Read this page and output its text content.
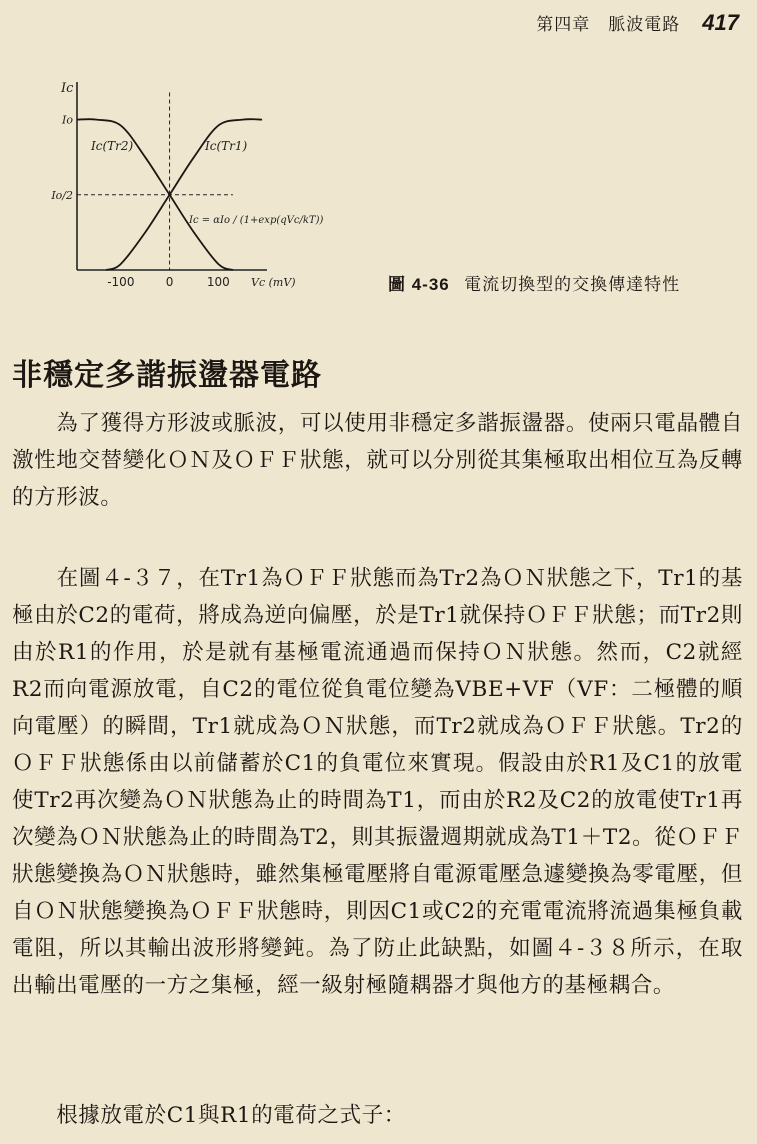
第四章　脈波電路 417
-100	0	100
Io
Io/2
Ic
Ic(Tr2)	Ic(Tr1)
Ic = αIo / (1+exp(qVc/kT))
Vc (mV)	圖 4-36 電流切換型的交換傳達特性
非穩定多諧振盪器電路

　　為了獲得方形波或脈波，可以使用非穩定多諧振盪器。使兩只電晶體自激性地交替變化ＯＮ及ＯＦＦ狀態，就可以分別從其集極取出相位互為反轉的方形波。

　　在圖４-３７，在Tr1為ＯＦＦ狀態而為Tr2為ＯＮ狀態之下，Tr1的基極由於C2的電荷，將成為逆向偏壓，於是Tr1就保持ＯＦＦ狀態；而Tr2則由於R1的作用，於是就有基極電流通過而保持ＯＮ狀態。然而，C2就經R2而向電源放電，自C2的電位從負電位變為VBE+VF（VF：二極體的順向電壓）的瞬間，Tr1就成為ＯＮ狀態，而Tr2就成為ＯＦＦ狀態。Tr2的ＯＦＦ狀態係由以前儲蓄於C1的負電位來實現。假設由於R1及C1的放電使Tr2再次變為ＯＮ狀態為止的時間為T1，而由於R2及C2的放電使Tr1再次變為ＯＮ狀態為止的時間為T2，則其振盪週期就成為T1＋T2。從ＯＦＦ狀態變換為ＯＮ狀態時，雖然集極電壓將自電源電壓急遽變換為零電壓，但自ＯＮ狀態變換為ＯＦＦ狀態時，則因C1或C2的充電電流將流過集極負載電阻，所以其輸出波形將變鈍。為了防止此缺點，如圖４-３８所示，在取出輸出電壓的一方之集極，經一級射極隨耦器才與他方的基極耦合。

　　根據放電於C1與R1的電荷之式子：
